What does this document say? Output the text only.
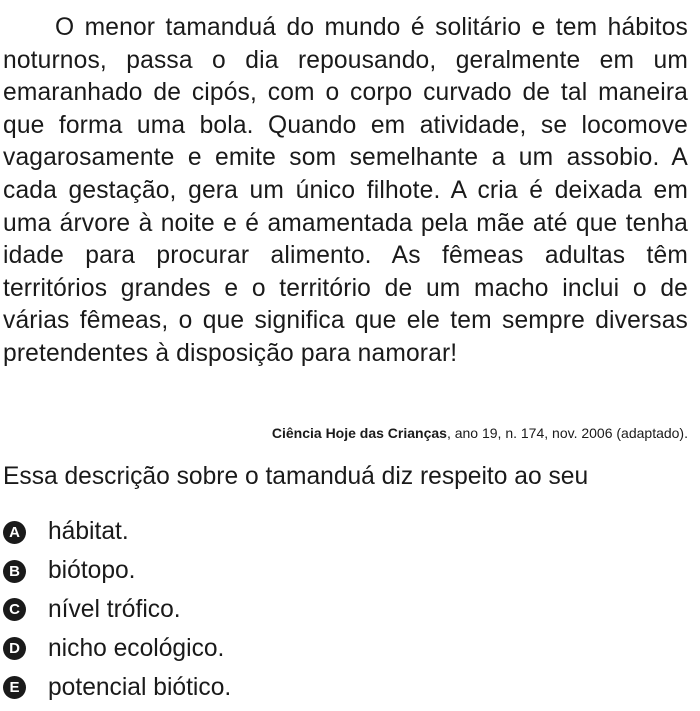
O menor tamanduá do mundo é solitário e tem hábitos noturnos, passa o dia repousando, geralmente em um emaranhado de cipós, com o corpo curvado de tal maneira que forma uma bola. Quando em atividade, se locomove vagarosamente e emite som semelhante a um assobio. A cada gestação, gera um único filhote. A cria é deixada em uma árvore à noite e é amamentada pela mãe até que tenha idade para procurar alimento. As fêmeas adultas têm territórios grandes e o território de um macho inclui o de várias fêmeas, o que significa que ele tem sempre diversas pretendentes à disposição para namorar!

Ciência Hoje das Crianças, ano 19, n. 174, nov. 2006 (adaptado).

Essa descrição sobre o tamanduá diz respeito ao seu

A hábitat.
B biótopo.
C nível trófico.
D nicho ecológico.
E potencial biótico.
